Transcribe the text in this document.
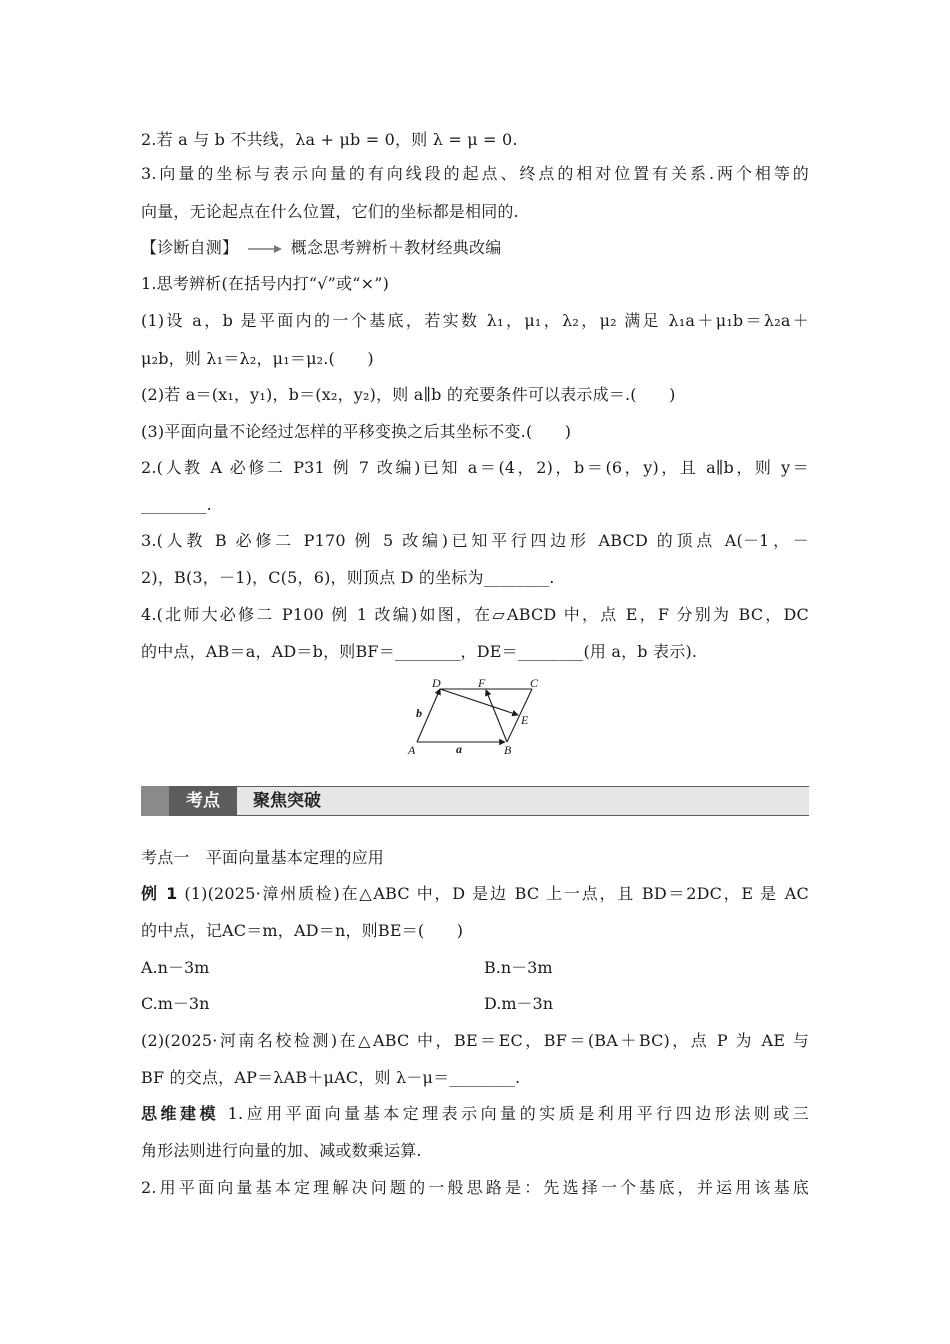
2.若 a 与 b 不共线，λa + μb = 0，则 λ = μ = 0.
3.向量的坐标与表示向量的有向线段的起点、终点的相对位置有关系.两个相等的
向量，无论起点在什么位置，它们的坐标都是相同的.
【诊断自测】	概念思考辨析＋教材经典改编
1.思考辨析(在括号内打“√”或“×”)
(1)设 a，b 是平面内的一个基底，若实数 λ₁，μ₁，λ₂，μ₂ 满足 λ₁a＋μ₁b＝λ₂a＋
μ₂b，则 λ₁＝λ₂，μ₁＝μ₂.(　　)
(2)若 a＝(x₁，y₁)，b＝(x₂，y₂)，则 a∥b 的充要条件可以表示成＝.(　　)
(3)平面向量不论经过怎样的平移变换之后其坐标不变.(　　)
2.(人教 A 必修二 P31 例 7 改编)已知 a＝(4，2)，b＝(6，y)，且 a∥b，则 y＝
________.
3.(人教 B 必修二 P170 例 5 改编)已知平行四边形 ABCD 的顶点 A(－1，－
2)，B(3，－1)，C(5，6)，则顶点 D 的坐标为________.
4.(北师大必修二 P100 例 1 改编)如图，在▱ABCD 中，点 E，F 分别为 BC，DC
的中点，AB＝a，AD＝b，则BF＝________，DE＝________(用 a，b 表示).
A	B
C
D
E
F
a
b
考点	聚焦突破
考点一　平面向量基本定理的应用
例 1 (1)(2025·漳州质检)在△ABC 中，D 是边 BC 上一点，且 BD＝2DC，E 是 AC
的中点，记AC＝m，AD＝n，则BE＝(　　)
A.n－3m	B.n－3m
C.m－3n	D.m－3n
(2)(2025·河南名校检测)在△ABC 中，BE＝EC，BF＝(BA＋BC)，点 P 为 AE 与
BF 的交点，AP＝λAB＋μAC，则 λ－μ＝________.
思维建模 1.应用平面向量基本定理表示向量的实质是利用平行四边形法则或三
角形法则进行向量的加、减或数乘运算.
2.用平面向量基本定理解决问题的一般思路是：先选择一个基底，并运用该基底
